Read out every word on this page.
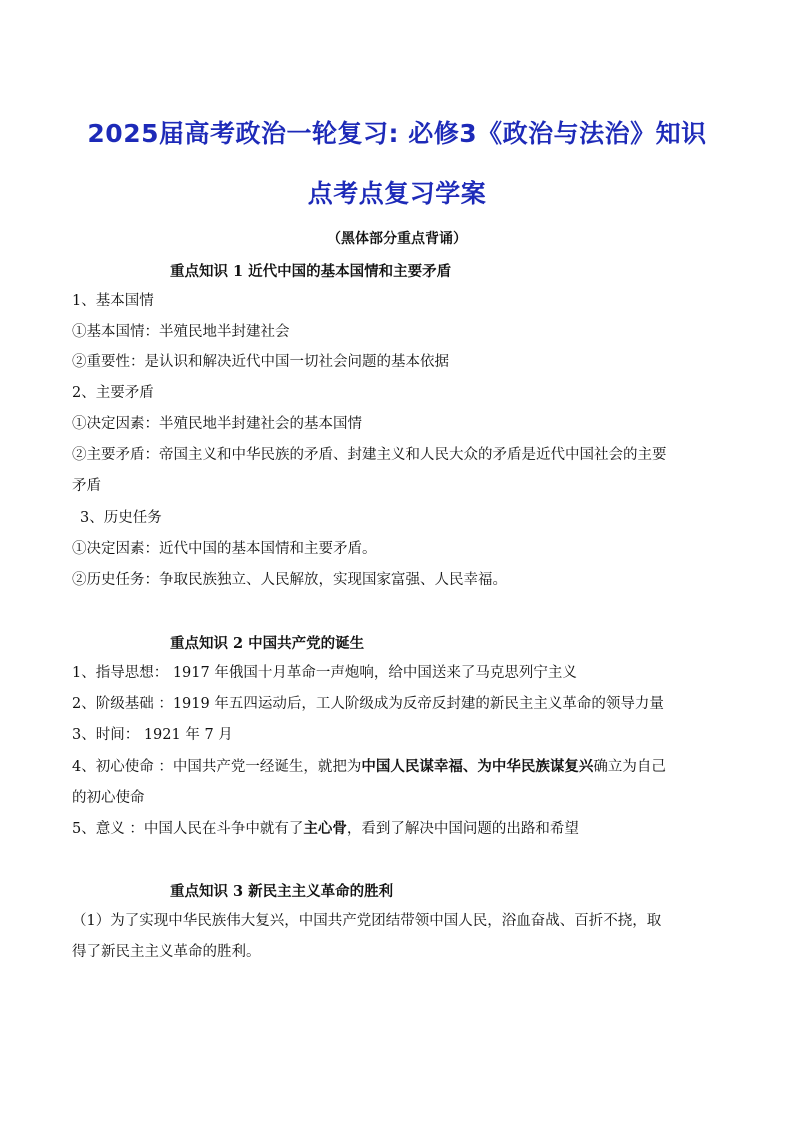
2025届高考政治一轮复习: 必修3《政治与法治》知识
点考点复习学案
（黑体部分重点背诵）
重点知识 1 近代中国的基本国情和主要矛盾
1、基本国情
①基本国情：半殖民地半封建社会
②重要性：是认识和解决近代中国一切社会问题的基本依据
2、主要矛盾
①决定因素：半殖民地半封建社会的基本国情
②主要矛盾：帝国主义和中华民族的矛盾、封建主义和人民大众的矛盾是近代中国社会的主要
矛盾
3、历史任务
①决定因素：近代中国的基本国情和主要矛盾。
②历史任务：争取民族独立、人民解放，实现国家富强、人民幸福。
重点知识 2 中国共产党的诞生
1、指导思想： 1917 年俄国十月革命一声炮响，给中国送来了马克思列宁主义
2、阶级基础 ：1919 年五四运动后，工人阶级成为反帝反封建的新民主主义革命的领导力量
3、时间： 1921 年 7 月
4、初心使命 ：中国共产党一经诞生，就把为中国人民谋幸福、为中华民族谋复兴确立为自己
的初心使命
5、意义 ：中国人民在斗争中就有了主心骨，看到了解决中国问题的出路和希望
重点知识 3 新民主主义革命的胜利
（1）为了实现中华民族伟大复兴，中国共产党团结带领中国人民，浴血奋战、百折不挠，取
得了新民主主义革命的胜利。
